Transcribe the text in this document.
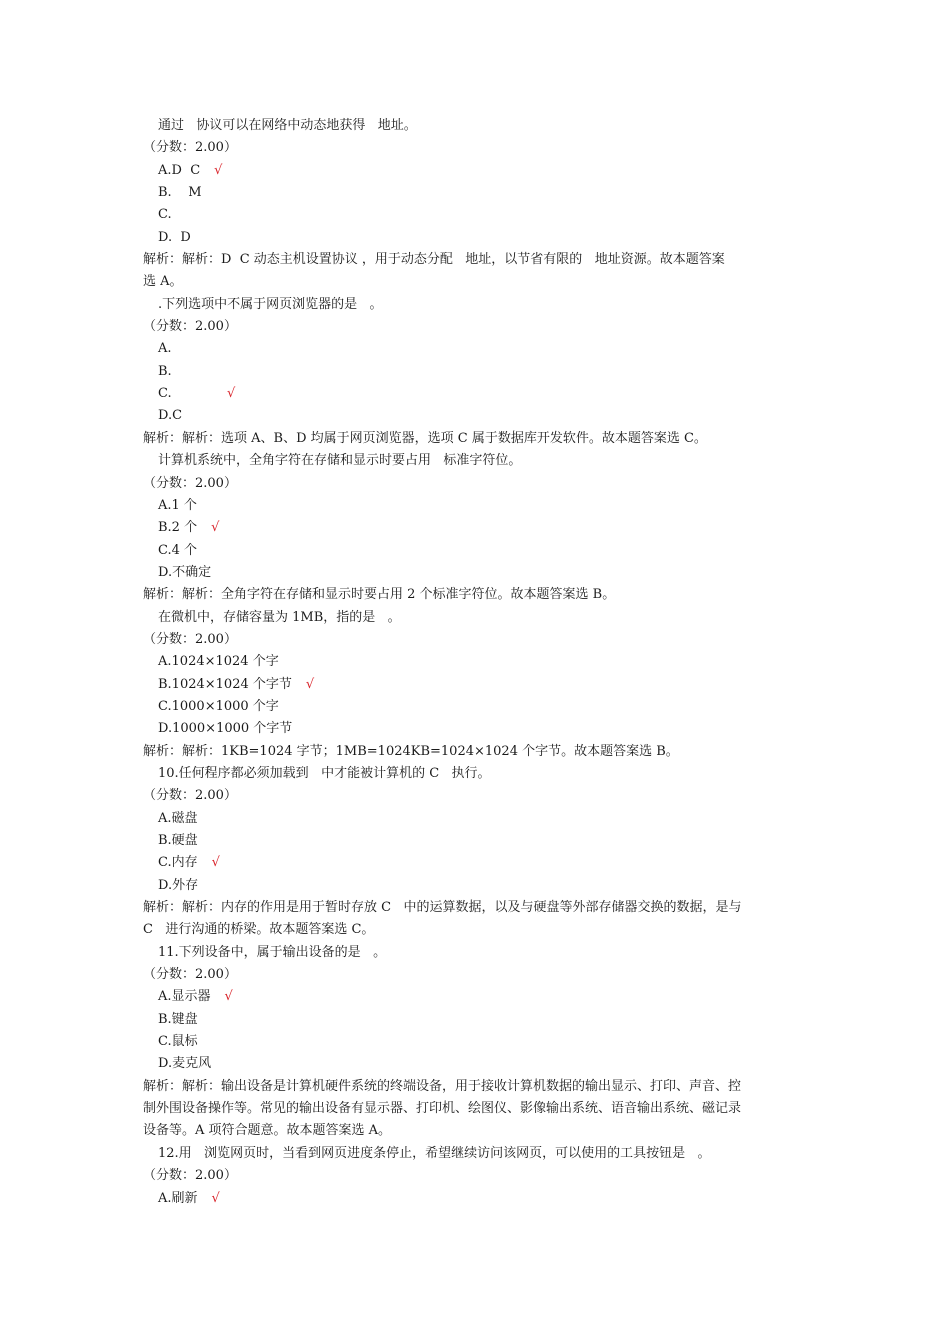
通过   协议可以在网络中动态地获得   地址。
（分数：2.00）
A.D  C √
B.    M
C.
D.  D
解析：解析：D  C 动态主机设置协议 ，用于动态分配   地址，以节省有限的   地址资源。故本题答案
选 A。
.下列选项中不属于网页浏览器的是   。
（分数：2.00）
A.
B.
C.          √
D.C
解析：解析：选项 A、B、D 均属于网页浏览器，选项 C 属于数据库开发软件。故本题答案选 C。
计算机系统中，全角字符在存储和显示时要占用   标准字符位。
（分数：2.00）
A.1 个
B.2 个 √
C.4 个
D.不确定
解析：解析：全角字符在存储和显示时要占用 2 个标准字符位。故本题答案选 B。
在微机中，存储容量为 1MB，指的是   。
（分数：2.00）
A.1024×1024 个字
B.1024×1024 个字节 √
C.1000×1000 个字
D.1000×1000 个字节
解析：解析：1KB=1024 字节；1MB=1024KB=1024×1024 个字节。故本题答案选 B。
10.任何程序都必须加载到   中才能被计算机的 C   执行。
（分数：2.00）
A.磁盘
B.硬盘
C.内存 √
D.外存
解析：解析：内存的作用是用于暂时存放 C   中的运算数据，以及与硬盘等外部存储器交换的数据，是与
C   进行沟通的桥梁。故本题答案选 C。
11.下列设备中，属于输出设备的是   。
（分数：2.00）
A.显示器 √
B.键盘
C.鼠标
D.麦克风
解析：解析：输出设备是计算机硬件系统的终端设备，用于接收计算机数据的输出显示、打印、声音、控
制外围设备操作等。常见的输出设备有显示器、打印机、绘图仪、影像输出系统、语音输出系统、磁记录
设备等。A 项符合题意。故本题答案选 A。
12.用   浏览网页时，当看到网页进度条停止，希望继续访问该网页，可以使用的工具按钮是   。
（分数：2.00）
A.刷新 √
